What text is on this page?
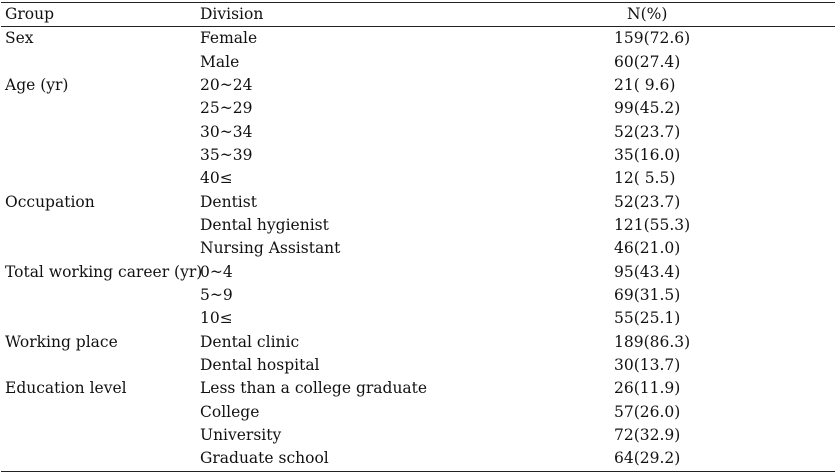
Group	Division	N(%)
Sex	Female	159(72.6)
	Male	60(27.4)
Age (yr)	20~24	21( 9.6)
	25~29	99(45.2)
	30~34	52(23.7)
	35~39	35(16.0)
	40≤	12( 5.5)
Occupation	Dentist	52(23.7)
	Dental hygienist	121(55.3)
	Nursing Assistant	46(21.0)
Total working career (yr)	0~4	95(43.4)
	5~9	69(31.5)
	10≤	55(25.1)
Working place	Dental clinic	189(86.3)
	Dental hospital	30(13.7)
Education level	Less than a college graduate	26(11.9)
	College	57(26.0)
	University	72(32.9)
	Graduate school	64(29.2)
